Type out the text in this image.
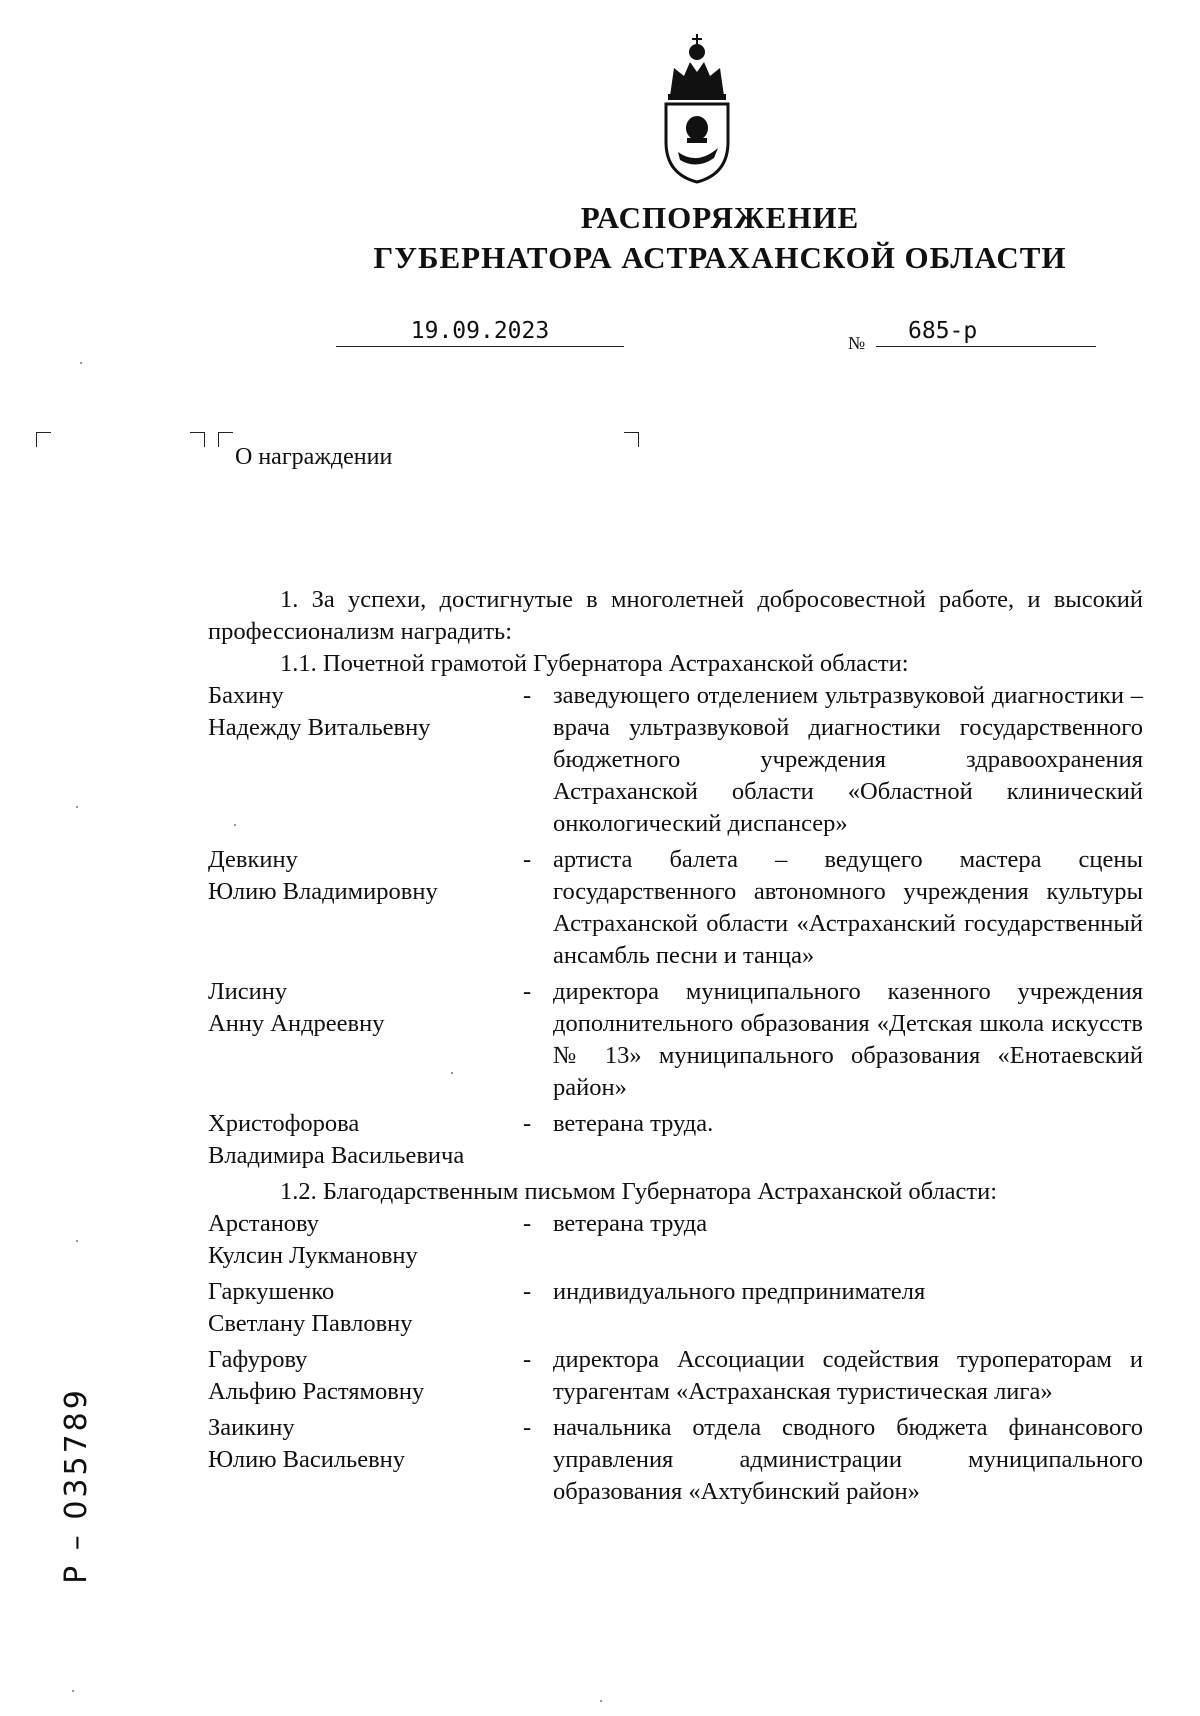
РАСПОРЯЖЕНИЕ
ГУБЕРНАТОРА АСТРАХАНСКОЙ ОБЛАСТИ
19.09.2023	№	685-р
О награждении

1. За успехи, достигнутые в многолетней добросовестной работе, и высокий профессионализм наградить:

1.1. Почетной грамотой Губернатора Астраханской области:

Бахину
Надежду Витальевну
- заведующего отделением ультразвуковой диагностики – врача ультразвуковой диагностики государственного бюджетного учреждения здравоохранения Астраханской области «Областной клинический онкологический диспансер»
Девкину
Юлию Владимировну
- артиста балета – ведущего мастера сцены государственного автономного учреждения культуры Астраханской области «Астраханский государственный ансамбль песни и танца»
Лисину
Анну Андреевну
- директора муниципального казенного учреждения дополнительного образования «Детская школа искусств № 13» муниципального образования «Енотаевский район»
Христофорова
Владимира Васильевича
- ветерана труда.

1.2. Благодарственным письмом Губернатора Астраханской области:

Арстанову
Кулсин Лукмановну
- ветерана труда
Гаркушенко
Светлану Павловну
- индивидуального предпринимателя
Гафурову
Альфию Растямовну
- директора Ассоциации содействия туроператорам и турагентам «Астраханская туристическая лига»
Заикину
Юлию Васильевну
- начальника отдела сводного бюджета финансового управления администрации муниципального образования «Ахтубинский район»
Р – 035789
